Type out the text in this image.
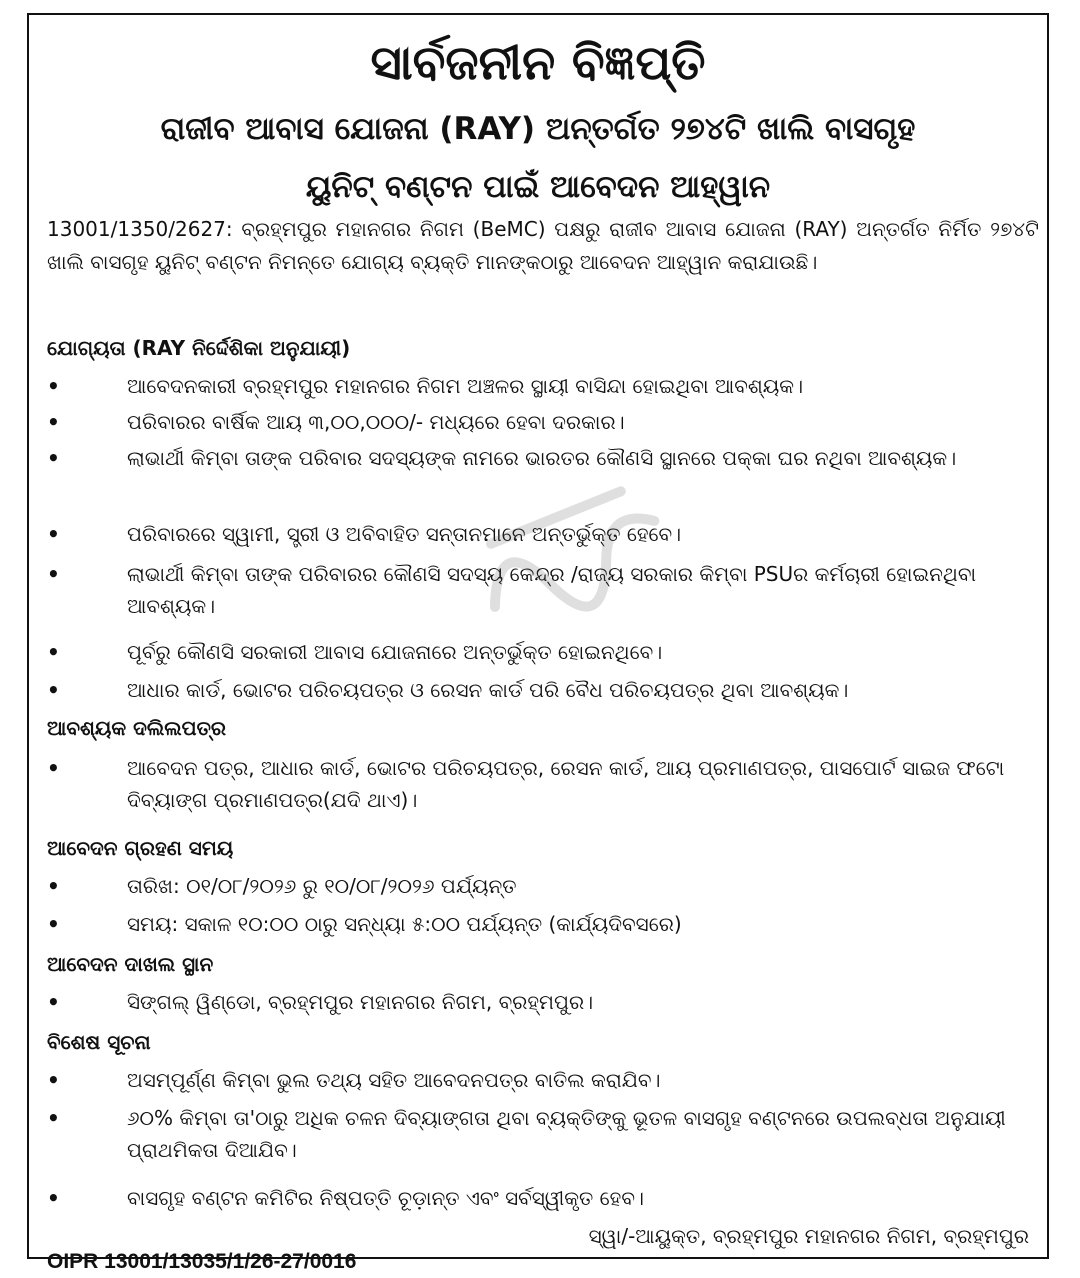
ସାର୍ବଜନୀନ ବିଜ୍ଞପ୍ତି
ରାଜୀବ ଆବାସ ଯୋଜନା (RAY) ଅନ୍ତର୍ଗତ ୨୭୪ଟି ଖାଲି ବାସଗୃହ
ୟୁନିଟ୍ ବଣ୍ଟନ ପାଇଁ ଆବେଦନ ଆହ୍ୱାନ
13001/1350/2627: ବ୍ରହ୍ମପୁର ମହାନଗର ନିଗମ (BeMC) ପକ୍ଷରୁ ରାଜୀବ ଆବାସ ଯୋଜନା (RAY) ଅନ୍ତର୍ଗତ ନିର୍ମିତ ୨୭୪ଟି ଖାଲି ବାସଗୃହ ୟୁନିଟ୍ ବଣ୍ଟନ ନିମନ୍ତେ ଯୋଗ୍ୟ ବ୍ୟକ୍ତି ମାନଙ୍କଠାରୁ ଆବେଦନ ଆହ୍ୱାନ କରାଯାଉଛି।
ଯୋଗ୍ୟତା (RAY ନିର୍ଦ୍ଦେଶିକା ଅନୁଯାୟୀ)
•	ଆବେଦନକାରୀ ବ୍ରହ୍ମପୁର ମହାନଗର ନିଗମ ଅଞ୍ଚଳର ସ୍ଥାୟୀ ବାସିନ୍ଦା ହୋଇଥିବା ଆବଶ୍ୟକ।
•	ପରିବାରର ବାର୍ଷିକ ଆୟ ୩,୦୦,୦୦୦/- ମଧ୍ୟରେ ହେବା ଦରକାର।
•	ଲାଭାର୍ଥୀ କିମ୍ବା ତାଙ୍କ ପରିବାର ସଦସ୍ୟଙ୍କ ନାମରେ ଭାରତର କୌଣସି ସ୍ଥାନରେ ପକ୍କା ଘର ନଥିବା ଆବଶ୍ୟକ।
•	ପରିବାରରେ ସ୍ୱାମୀ, ସ୍ତ୍ରୀ ଓ ଅବିବାହିତ ସନ୍ତାନମାନେ ଅନ୍ତର୍ଭୁକ୍ତ ହେବେ।
•	ଲାଭାର୍ଥୀ କିମ୍ବା ତାଙ୍କ ପରିବାରର କୌଣସି ସଦସ୍ୟ କେନ୍ଦ୍ର /ରାଜ୍ୟ ସରକାର କିମ୍ବା PSUର କର୍ମଚାରୀ ହୋଇନଥିବା ଆବଶ୍ୟକ।
•	ପୂର୍ବରୁ କୌଣସି ସରକାରୀ ଆବାସ ଯୋଜନାରେ ଅନ୍ତର୍ଭୁକ୍ତ ହୋଇନଥିବେ।
•	ଆଧାର କାର୍ଡ, ଭୋଟର ପରିଚୟପତ୍ର ଓ ରେସନ କାର୍ଡ ପରି ବୈଧ ପରିଚୟପତ୍ର ଥିବା ଆବଶ୍ୟକ।
ଆବଶ୍ୟକ ଦଲିଲପତ୍ର
•	ଆବେଦନ ପତ୍ର, ଆଧାର କାର୍ଡ, ଭୋଟର ପରିଚୟପତ୍ର, ରେସନ କାର୍ଡ, ଆୟ ପ୍ରମାଣପତ୍ର, ପାସପୋର୍ଟ ସାଇଜ ଫଟୋ ଦିବ୍ୟାଙ୍ଗ ପ୍ରମାଣପତ୍ର(ଯଦି ଥାଏ)।
ଆବେଦନ ଗ୍ରହଣ ସମୟ
•	ତାରିଖ: ୦୧/୦୮/୨୦୨୬ ରୁ ୧୦/୦୮/୨୦୨୬ ପର୍ଯ୍ୟନ୍ତ
•	ସମୟ: ସକାଳ ୧୦:୦୦ ଠାରୁ ସନ୍ଧ୍ୟା ୫:୦୦ ପର୍ଯ୍ୟନ୍ତ (କାର୍ଯ୍ୟଦିବସରେ)
ଆବେଦନ ଦାଖଲ ସ୍ଥାନ
•	ସିଙ୍ଗଲ୍ ୱିଣ୍ଡୋ, ବ୍ରହ୍ମପୁର ମହାନଗର ନିଗମ, ବ୍ରହ୍ମପୁର।
ବିଶେଷ ସୂଚନା
•	ଅସମ୍ପୂର୍ଣ୍ଣ କିମ୍ବା ଭୁଲ ତଥ୍ୟ ସହିତ ଆବେଦନପତ୍ର ବାତିଲ କରାଯିବ।
•	୬୦% କିମ୍ବା ତା'ଠାରୁ ଅଧିକ ଚଳନ ଦିବ୍ୟାଙ୍ଗତା ଥିବା ବ୍ୟକ୍ତିଙ୍କୁ ଭୂତଳ ବାସଗୃହ ବଣ୍ଟନରେ ଉପଲବ୍ଧତା ଅନୁଯାୟୀ ପ୍ରାଥମିକତା ଦିଆଯିବ।
•	ବାସଗୃହ ବଣ୍ଟନ କମିଟିର ନିଷ୍ପତ୍ତି ଚୂଡ଼ାନ୍ତ ଏବଂ ସର୍ବସ୍ୱୀକୃତ ହେବ।
ସ୍ୱା/-ଆୟୁକ୍ତ, ବ୍ରହ୍ମପୁର ମହାନଗର ନିଗମ, ବ୍ରହ୍ମପୁର
OIPR 13001/13035/1/26-27/0016
